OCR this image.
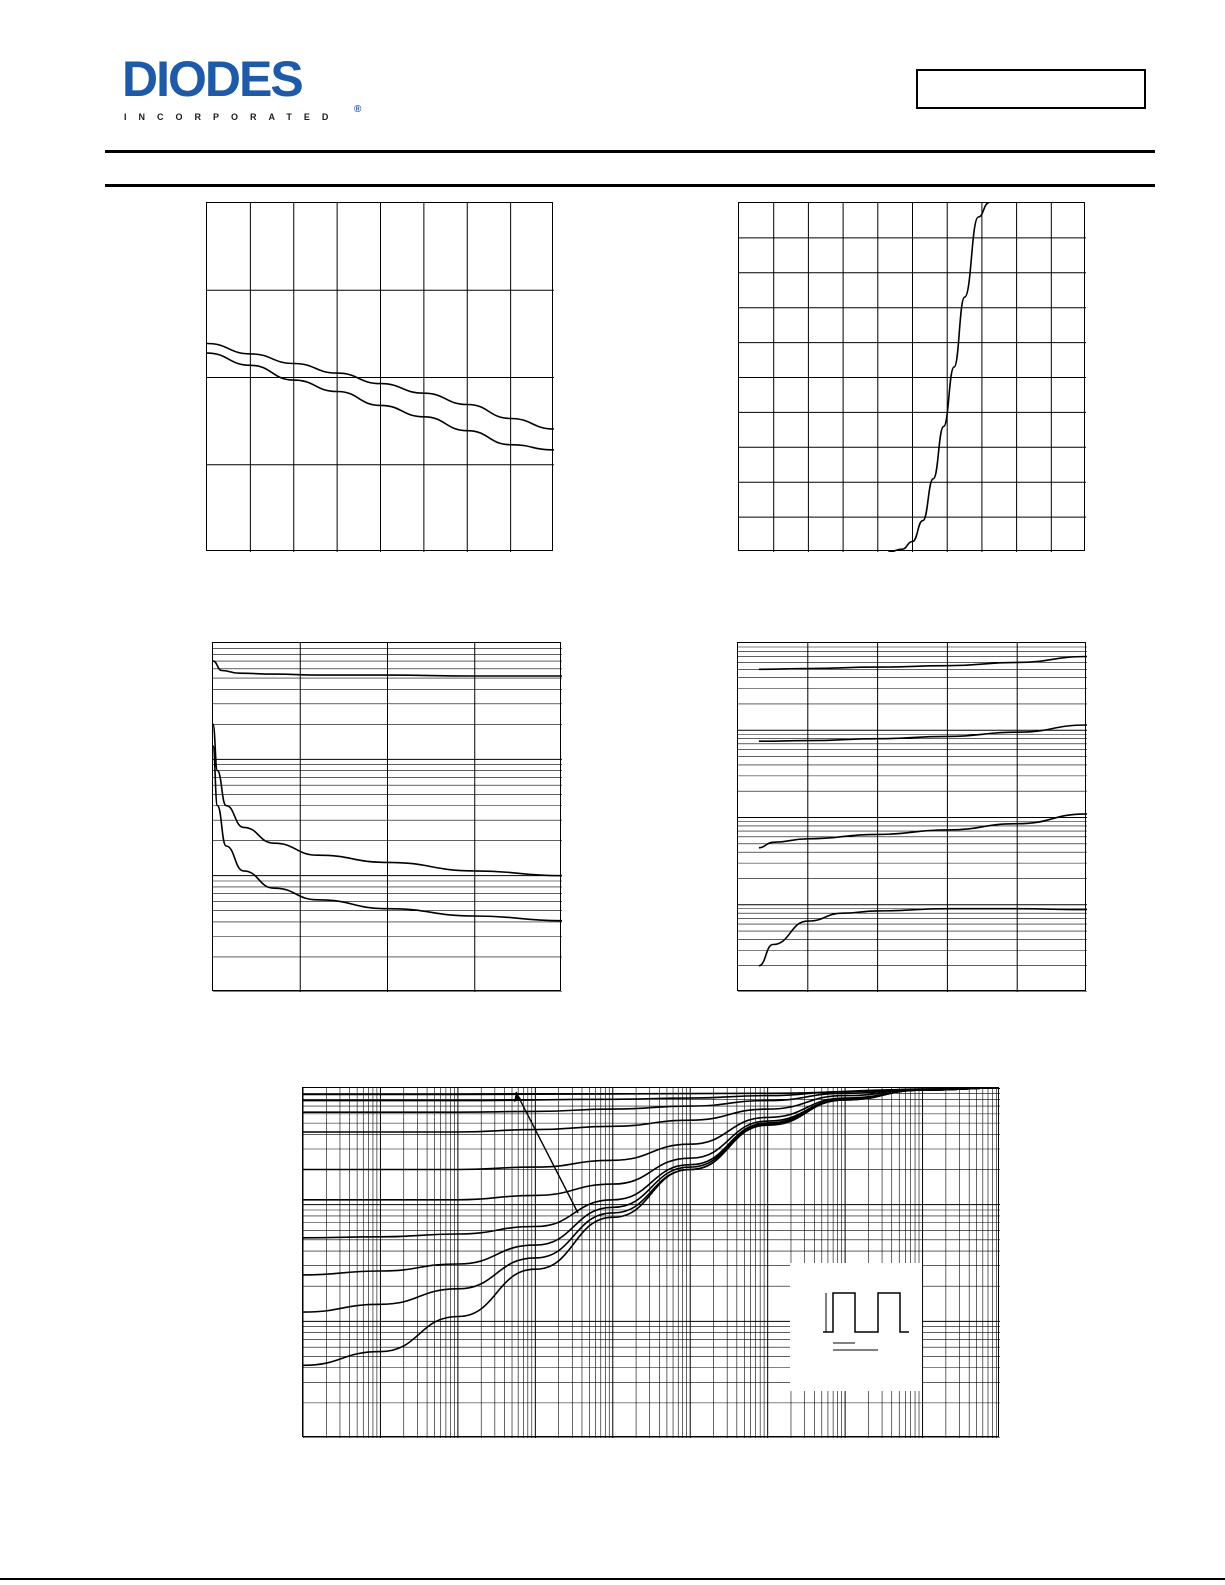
DIODES
®
INCORPORATED
